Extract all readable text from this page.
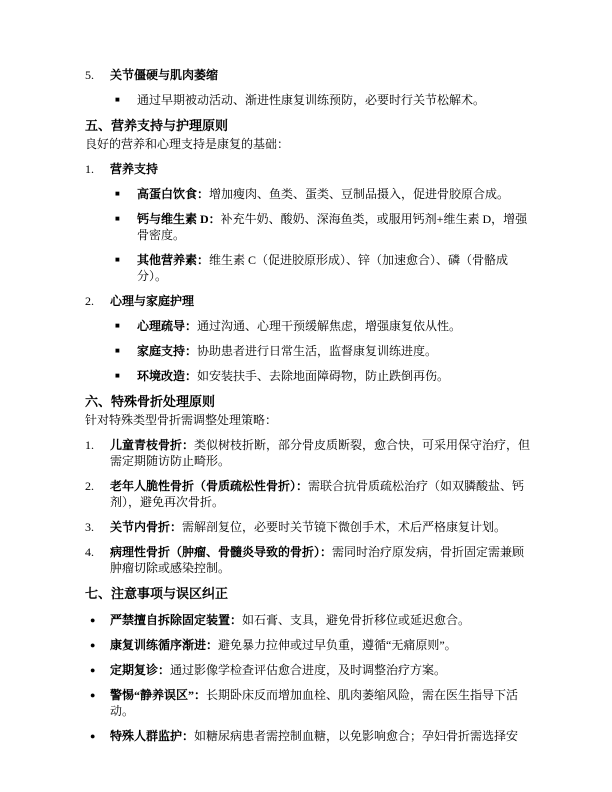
5.	关节僵硬与肌肉萎缩
■	通过早期被动活动、渐进性康复训练预防，必要时行关节松解术。
五、营养支持与护理原则
良好的营养和心理支持是康复的基础：
1.	营养支持
■	高蛋白饮食：增加瘦肉、鱼类、蛋类、豆制品摄入，促进骨胶原合成。
■	钙与维生素 D：补充牛奶、酸奶、深海鱼类，或服用钙剂+维生素 D，增强骨密度。
■	其他营养素：维生素 C（促进胶原形成）、锌（加速愈合）、磷（骨骼成分）。
2.	心理与家庭护理
■	心理疏导：通过沟通、心理干预缓解焦虑，增强康复依从性。
■	家庭支持：协助患者进行日常生活，监督康复训练进度。
■	环境改造：如安装扶手、去除地面障碍物，防止跌倒再伤。
六、特殊骨折处理原则
针对特殊类型骨折需调整处理策略：
1.	儿童青枝骨折：类似树枝折断，部分骨皮质断裂，愈合快，可采用保守治疗，但需定期随访防止畸形。
2.	老年人脆性骨折（骨质疏松性骨折）：需联合抗骨质疏松治疗（如双膦酸盐、钙剂），避免再次骨折。
3.	关节内骨折：需解剖复位，必要时关节镜下微创手术，术后严格康复计划。
4.	病理性骨折（肿瘤、骨髓炎导致的骨折）：需同时治疗原发病，骨折固定需兼顾肿瘤切除或感染控制。
七、注意事项与误区纠正
●	严禁擅自拆除固定装置：如石膏、支具，避免骨折移位或延迟愈合。
●	康复训练循序渐进：避免暴力拉伸或过早负重，遵循“无痛原则”。
●	定期复诊：通过影像学检查评估愈合进度，及时调整治疗方案。
●	警惕“静养误区”：长期卧床反而增加血栓、肌肉萎缩风险，需在医生指导下活动。
●	特殊人群监护：如糖尿病患者需控制血糖，以免影响愈合；孕妇骨折需选择安
